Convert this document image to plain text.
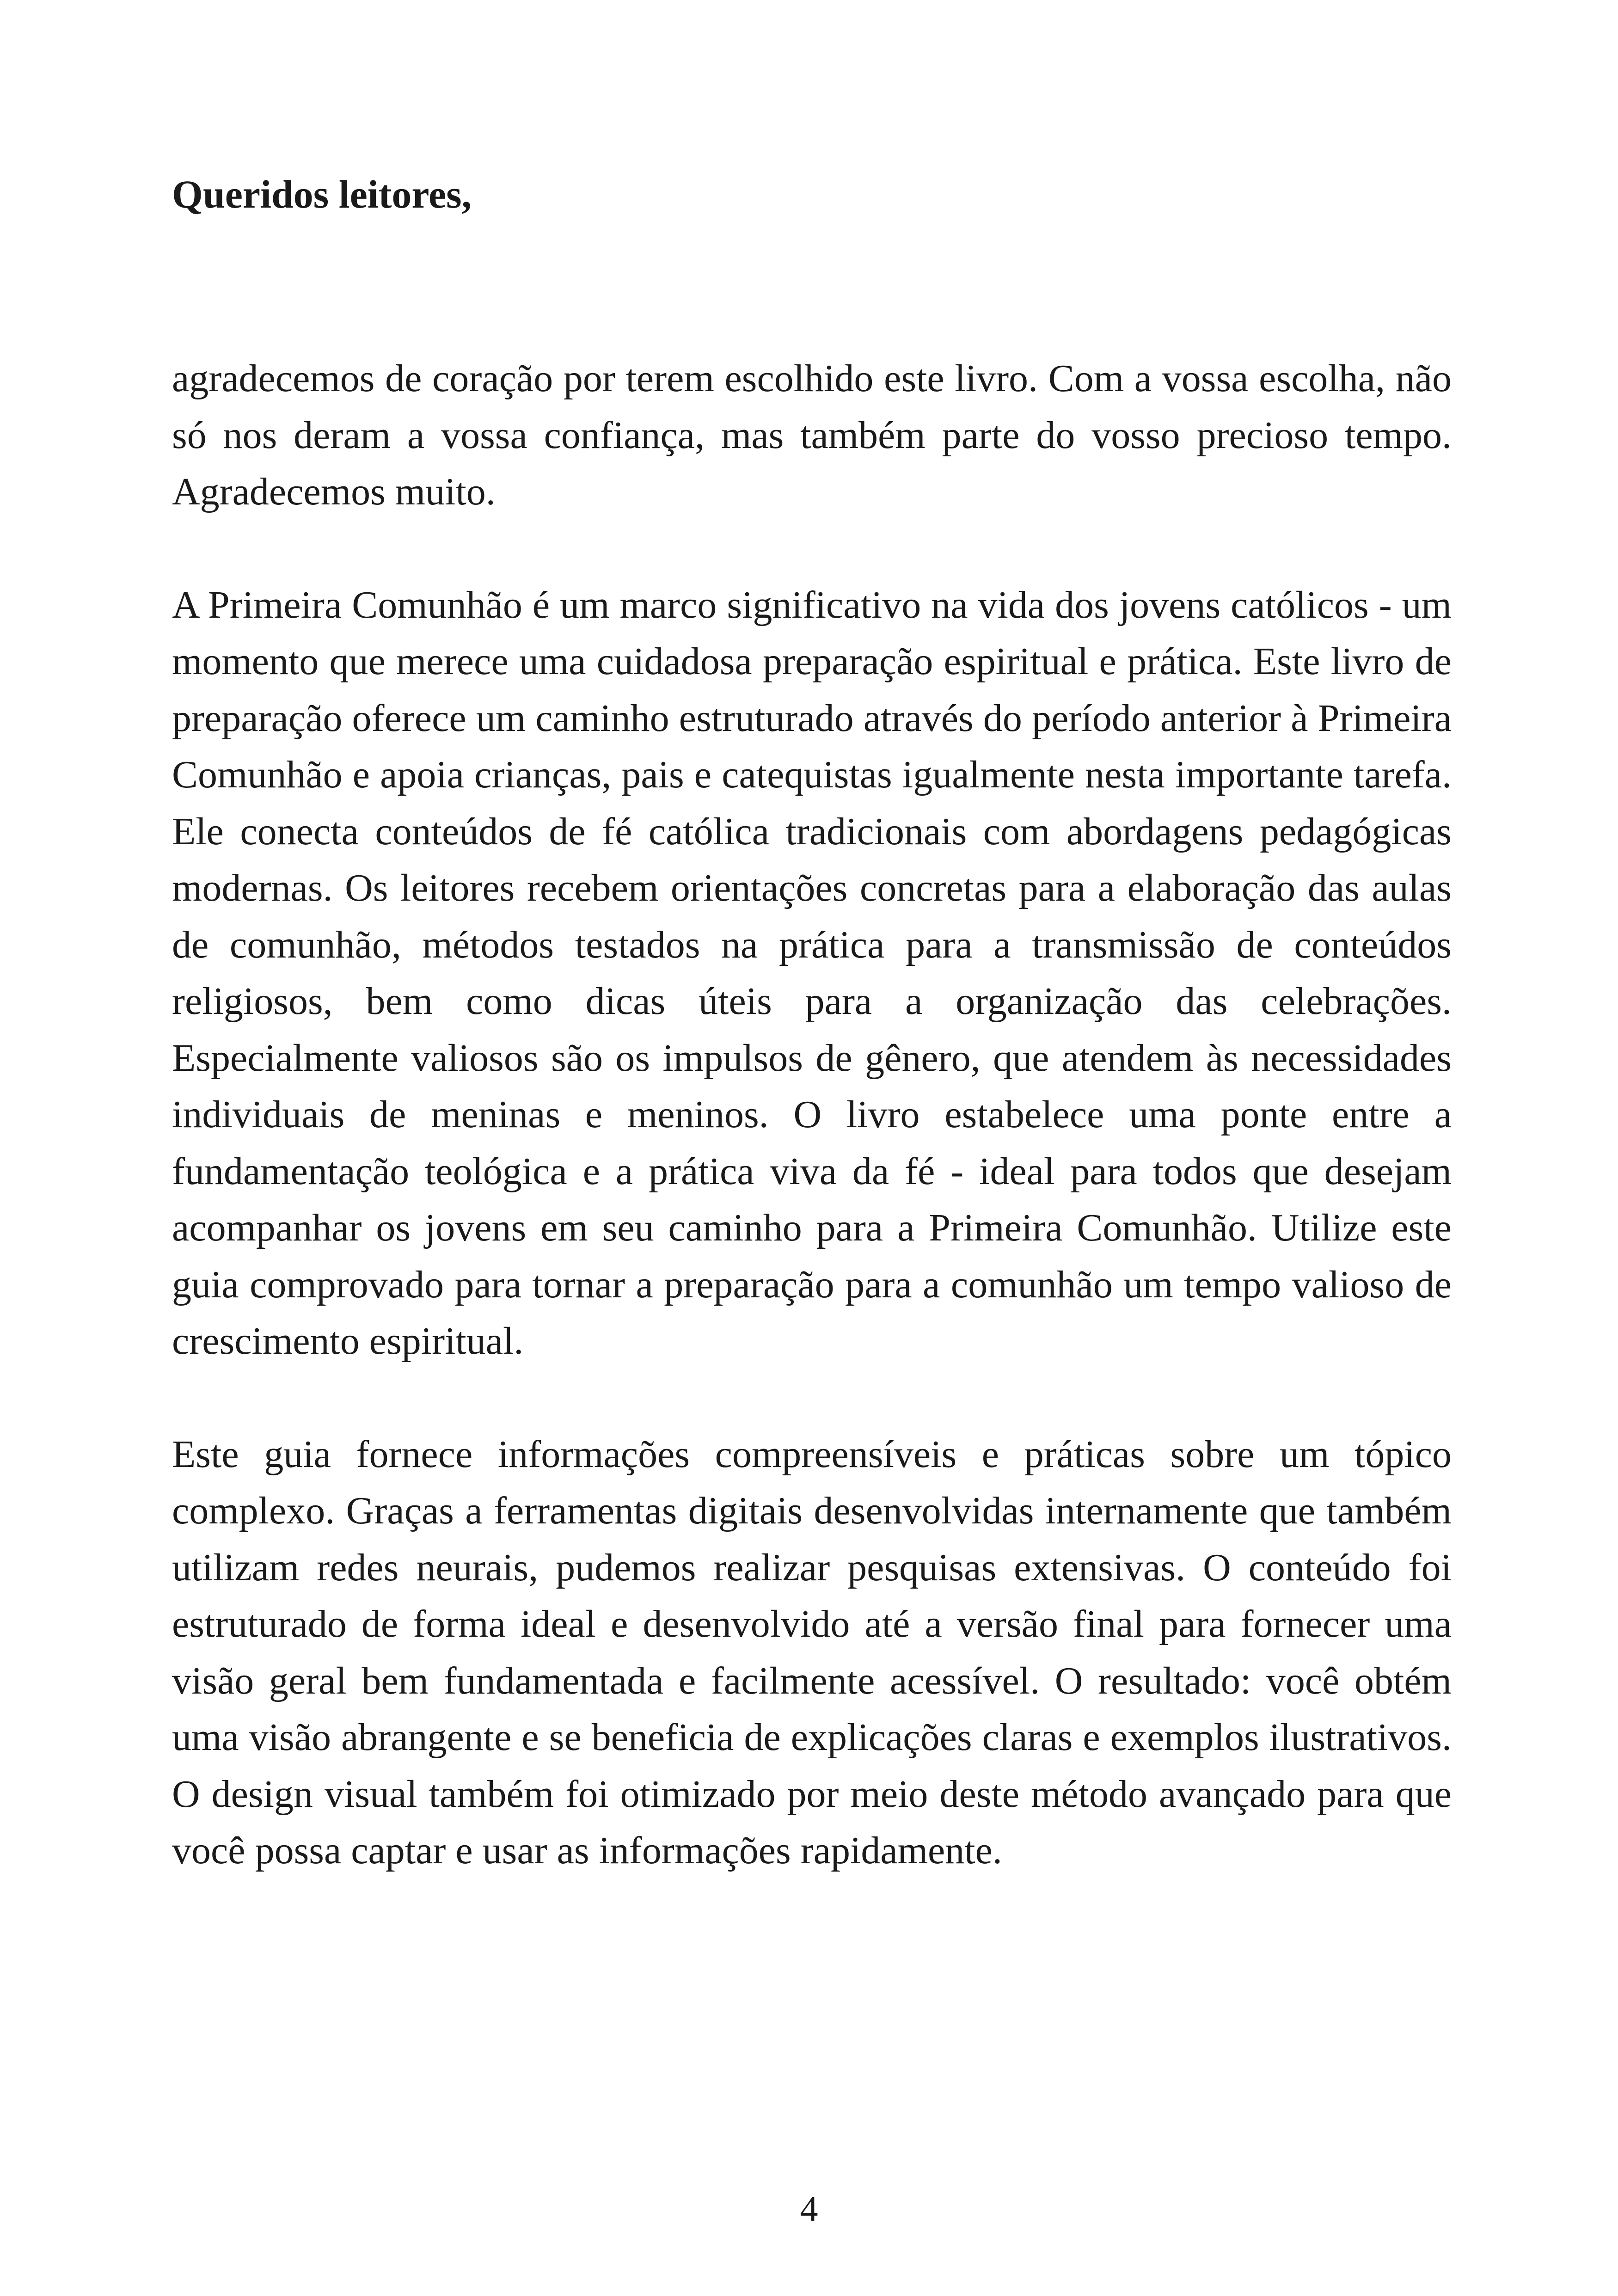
Queridos leitores,

agradecemos de coração por terem escolhido este livro. Com a vossa escolha, não só nos deram a vossa confiança, mas também parte do vosso precioso tempo. Agradecemos muito.

A Primeira Comunhão é um marco significativo na vida dos jovens católicos - um momento que merece uma cuidadosa preparação espiritual e prática. Este livro de preparação oferece um caminho estruturado através do período anterior à Primeira Comunhão e apoia crianças, pais e catequistas igualmente nesta importante tarefa. Ele conecta conteúdos de fé católica tradicionais com abordagens pedagógicas modernas. Os leitores recebem orientações concretas para a elaboração das aulas de comunhão, métodos testados na prática para a transmissão de conteúdos religiosos, bem como dicas úteis para a organização das celebrações. Especialmente valiosos são os impulsos de gênero, que atendem às necessidades individuais de meninas e meninos. O livro estabelece uma ponte entre a fundamentação teológica e a prática viva da fé - ideal para todos que desejam acompanhar os jovens em seu caminho para a Primeira Comunhão. Utilize este guia comprovado para tornar a preparação para a comunhão um tempo valioso de crescimento espiritual.

Este guia fornece informações compreensíveis e práticas sobre um tópico complexo. Graças a ferramentas digitais desenvolvidas internamente que também utilizam redes neurais, pudemos realizar pesquisas extensivas. O conteúdo foi estruturado de forma ideal e desenvolvido até a versão final para fornecer uma visão geral bem fundamentada e facilmente acessível. O resultado: você obtém uma visão abrangente e se beneficia de explicações claras e exemplos ilustrativos. O design visual também foi otimizado por meio deste método avançado para que você possa captar e usar as informações rapidamente.

4
